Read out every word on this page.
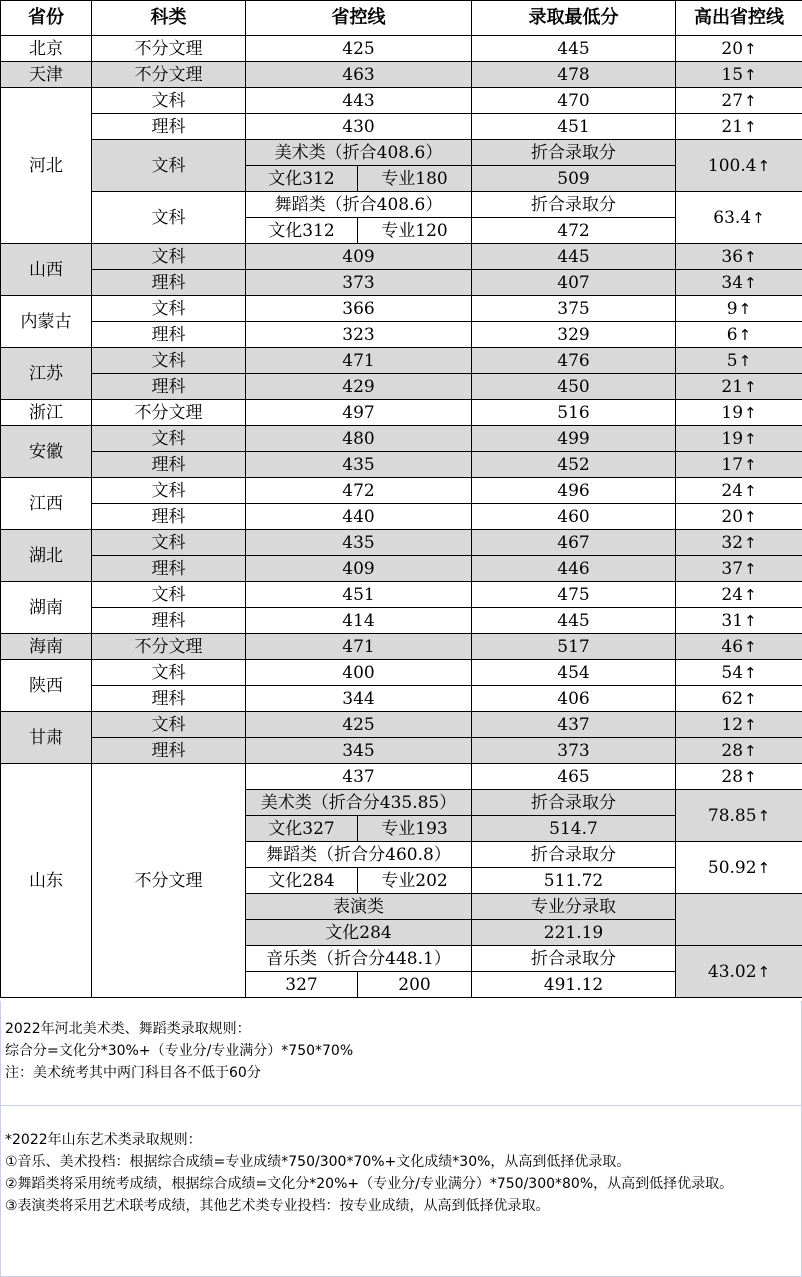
省份	科类	省控线		录取最低分	高出省控线
北京	不分文理	425		445	20↑
天津	不分文理	463		478	15↑
河北	文科	443		470	27↑
	理科	430		451	21↑
	文科	美术类（折合408.6）		折合录取分	100.4↑
		文化312	专业180	509	
	文科	舞蹈类（折合408.6）		折合录取分	63.4↑
		文化312	专业120	472	
山西	文科	409		445	36↑
	理科	373		407	34↑
内蒙古	文科	366		375	9↑
	理科	323		329	6↑
江苏	文科	471		476	5↑
	理科	429		450	21↑
浙江	不分文理	497		516	19↑
安徽	文科	480		499	19↑
	理科	435		452	17↑
江西	文科	472		496	24↑
	理科	440		460	20↑
湖北	文科	435		467	32↑
	理科	409		446	37↑
湖南	文科	451		475	24↑
	理科	414		445	31↑
海南	不分文理	471		517	46↑
陕西	文科	400		454	54↑
	理科	344		406	62↑
甘肃	文科	425		437	12↑
	理科	345		373	28↑
山东	不分文理	437		465	28↑
		美术类（折合分435.85）		折合录取分	78.85↑
		文化327	专业193	514.7	
		舞蹈类（折合分460.8）		折合录取分	50.92↑
		文化284	专业202	511.72	
		表演类		专业分录取	
		文化284		221.19	
		音乐类（折合分448.1）		折合录取分	43.02↑
		327	200	491.12	

2022年河北美术类、舞蹈类录取规则：

综合分=文化分*30%+（专业分/专业满分）*750*70%

注：美术统考其中两门科目各不低于60分

*2022年山东艺术类录取规则：

①音乐、美术投档：根据综合成绩=专业成绩*750/300*70%+文化成绩*30%，从高到低择优录取。

②舞蹈类将采用统考成绩，根据综合成绩=文化分*20%+（专业分/专业满分）*750/300*80%，从高到低择优录取。

③表演类将采用艺术联考成绩，其他艺术类专业投档：按专业成绩，从高到低择优录取。
